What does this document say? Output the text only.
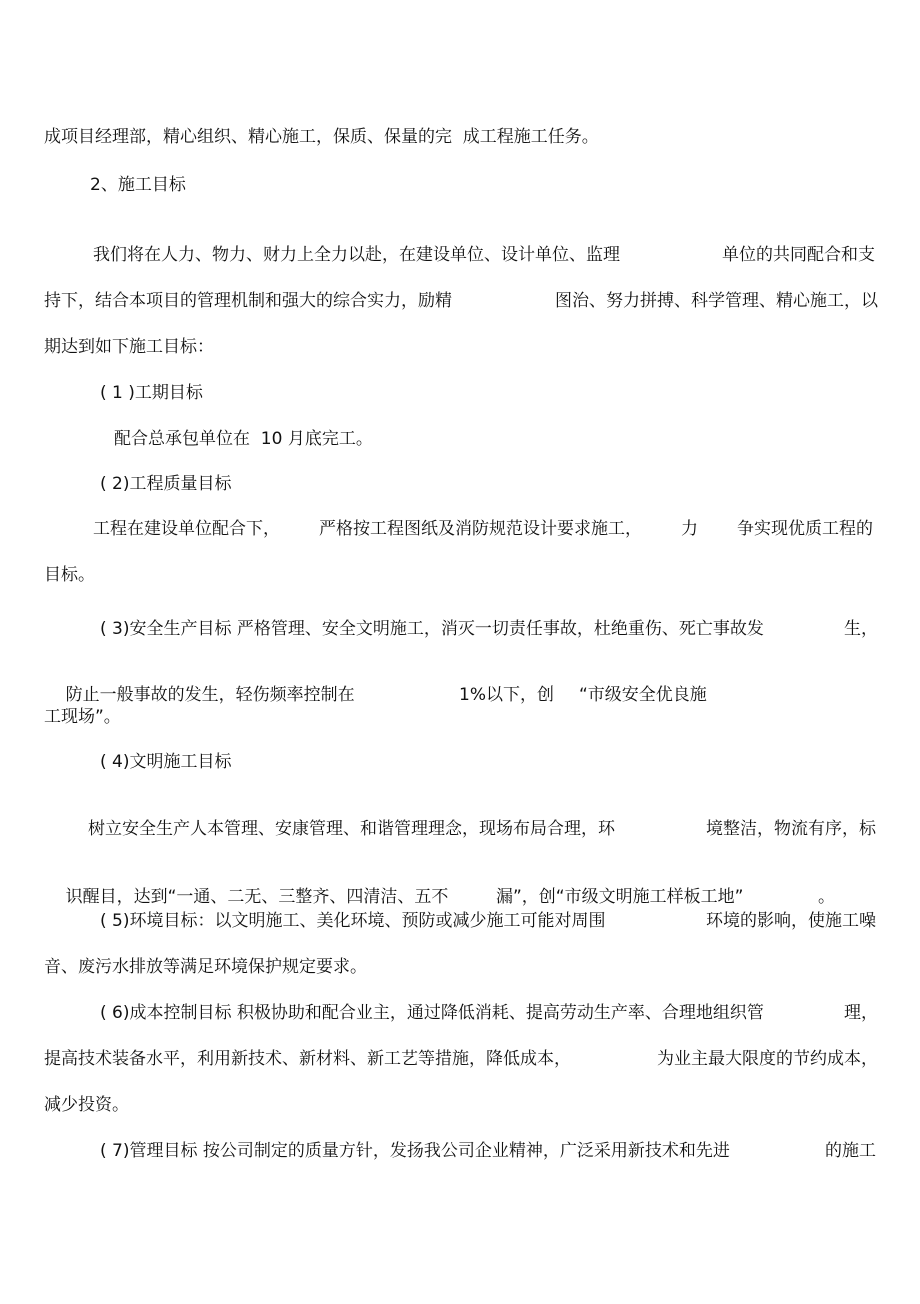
成项目经理部，精心组织、精心施工，保质、保量的完  成工程施工任务。
2、施工目标
我们将在人力、物力、财力上全力以赴，在建设单位、设计单位、监理	单位的共同配合和支
持下，结合本项目的管理机制和强大的综合实力，励精	图治、努力拼搏、科学管理、精心施工，以
期达到如下施工目标：
( 1 )工期目标
配合总承包单位在  10 月底完工。
( 2)工程质量目标
工程在建设单位配合下， 严格按工程图纸及消防规范设计要求施工， 力 争实现优质工程的
目标。
( 3)安全生产目标 严格管理、安全文明施工，消灭一切责任事故，杜绝重伤、死亡事故发	生，

防止一般事故的发生，轻伤频率控制在	1%以下，创 “市级安全优良施

工现场”。
( 4)文明施工目标
树立安全生产人本管理、安康管理、和谐管理理念，现场布局合理，环	境整洁，物流有序，标

识醒目，达到“一通、二无、三整齐、四清洁、五不	漏”，创“市级文明施工样板工地”	。

( 5)环境目标：以文明施工、美化环境、预防或减少施工可能对周围	环境的影响，使施工噪
音、废污水排放等满足环境保护规定要求。
( 6)成本控制目标 积极协助和配合业主，通过降低消耗、提高劳动生产率、合理地组织管	理，
提高技术装备水平，利用新技术、新材料、新工艺等措施，降低成本，	为业主最大限度的节约成本，
减少投资。
( 7)管理目标 按公司制定的质量方针，发扬我公司企业精神，广泛采用新技术和先进	的施工
